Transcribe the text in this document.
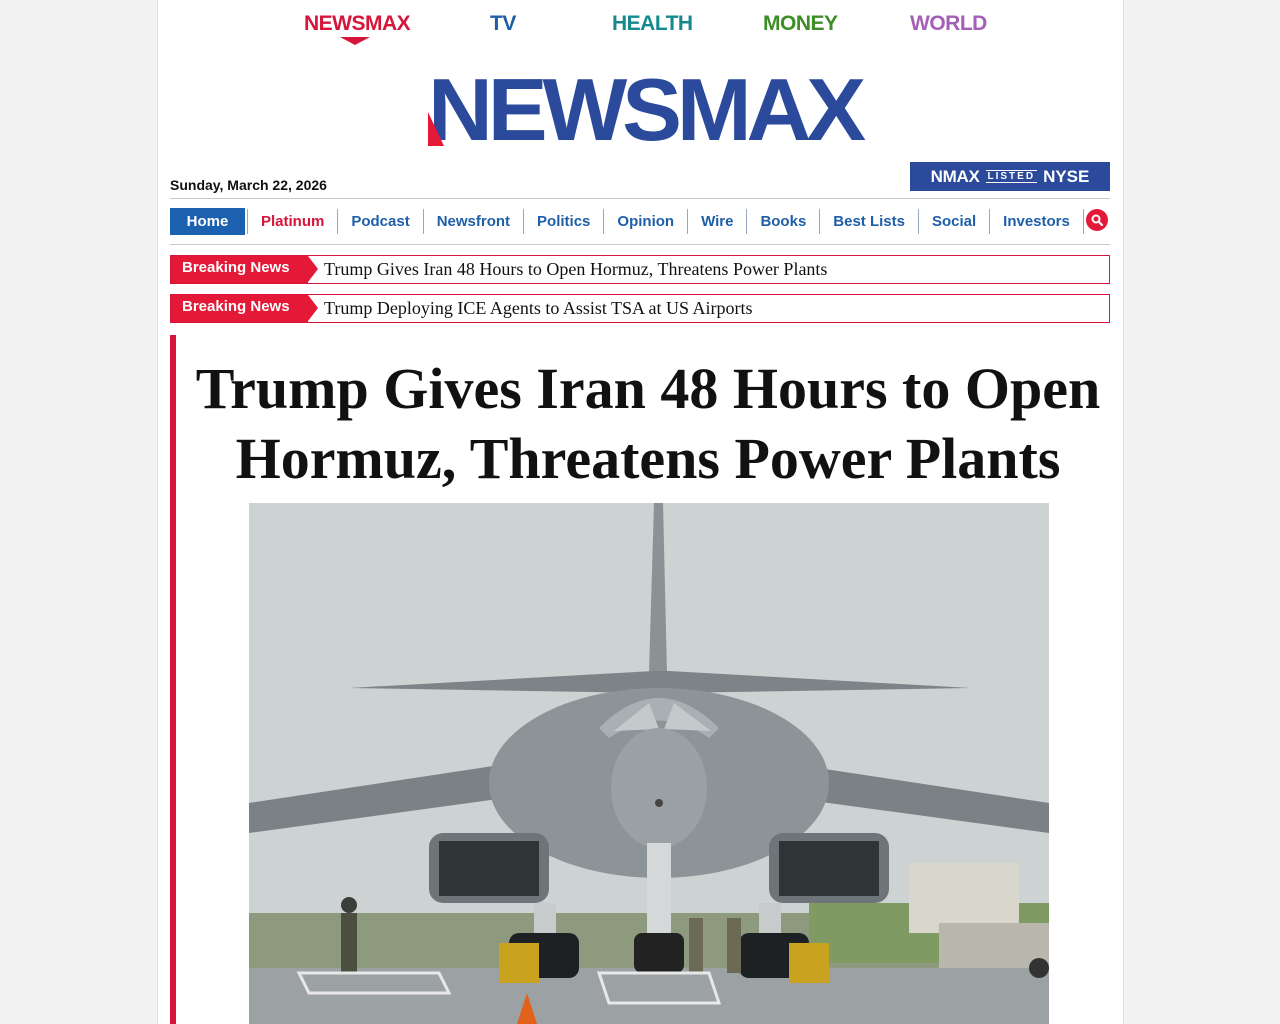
NEWSMAX	TV	HEALTH	MONEY	WORLD
NEWSMAX
Sunday, March 22, 2026	NMAX LISTED NYSE
Home	Platinum	Podcast	Newsfront	Politics	Opinion	Wire	Books	Best Lists	Social	Investors
Breaking News	Trump Gives Iran 48 Hours to Open Hormuz, Threatens Power Plants
Breaking News	Trump Deploying ICE Agents to Assist TSA at US Airports
Trump Gives Iran 48 Hours to Open Hormuz, Threatens Power Plants
